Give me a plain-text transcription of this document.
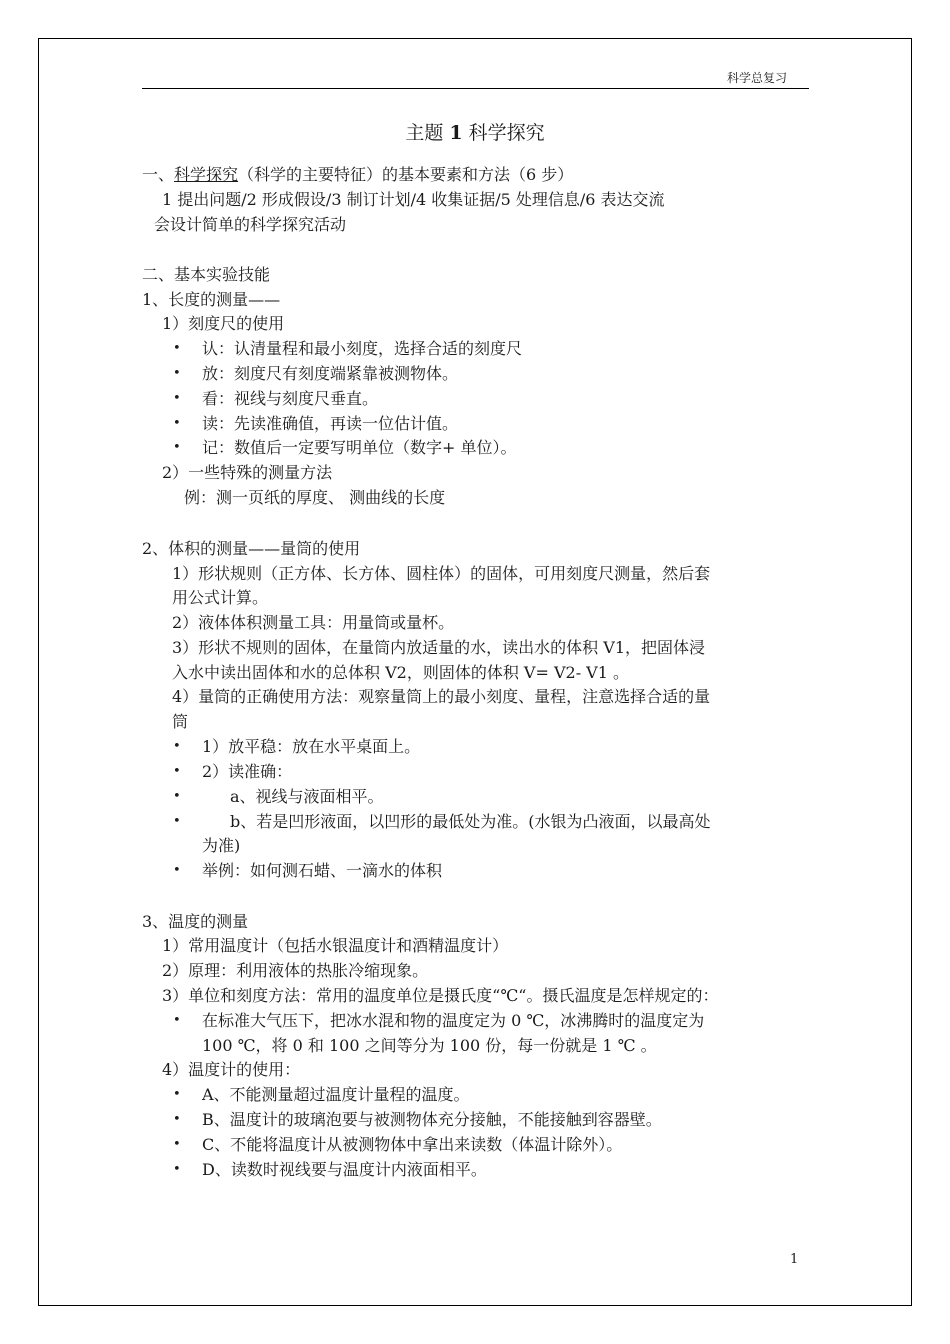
科学总复习
主题 1 科学探究
一、科学探究（科学的主要特征）的基本要素和方法（6 步）
1 提出问题/2 形成假设/3 制订计划/4 收集证据/5 处理信息/6 表达交流
会设计简单的科学探究活动
二、基本实验技能
1、长度的测量——
1）刻度尺的使用
• 认：认清量程和最小刻度，选择合适的刻度尺
• 放：刻度尺有刻度端紧靠被测物体。
• 看：视线与刻度尺垂直。
• 读：先读准确值，再读一位估计值。
• 记：数值后一定要写明单位（数字+ 单位）。
2）一些特殊的测量方法
例：测一页纸的厚度、 测曲线的长度
2、体积的测量——量筒的使用
1）形状规则（正方体、长方体、圆柱体）的固体，可用刻度尺测量，然后套
用公式计算。
2）液体体积测量工具：用量筒或量杯。
3）形状不规则的固体，在量筒内放适量的水，读出水的体积 V1，把固体浸
入水中读出固体和水的总体积 V2，则固体的体积 V= V2- V1 。
4）量筒的正确使用方法：观察量筒上的最小刻度、量程，注意选择合适的量
筒
• 1）放平稳：放在水平桌面上。
• 2）读准确：
•	a、视线与液面相平。
•	b、若是凹形液面，以凹形的最低处为准。(水银为凸液面，以最高处
为准)
• 举例：如何测石蜡、一滴水的体积
3、温度的测量
1）常用温度计（包括水银温度计和酒精温度计）
2）原理：利用液体的热胀冷缩现象。
3）单位和刻度方法：常用的温度单位是摄氏度“℃“。摄氏温度是怎样规定的：
• 在标准大气压下，把冰水混和物的温度定为 0 ℃，冰沸腾时的温度定为
100 ℃，将 0 和 100 之间等分为 100 份，每一份就是 1 ℃ 。
4）温度计的使用：
• A、不能测量超过温度计量程的温度。
• B、温度计的玻璃泡要与被测物体充分接触，不能接触到容器壁。
• C、不能将温度计从被测物体中拿出来读数（体温计除外）。
• D、读数时视线要与温度计内液面相平。
1
